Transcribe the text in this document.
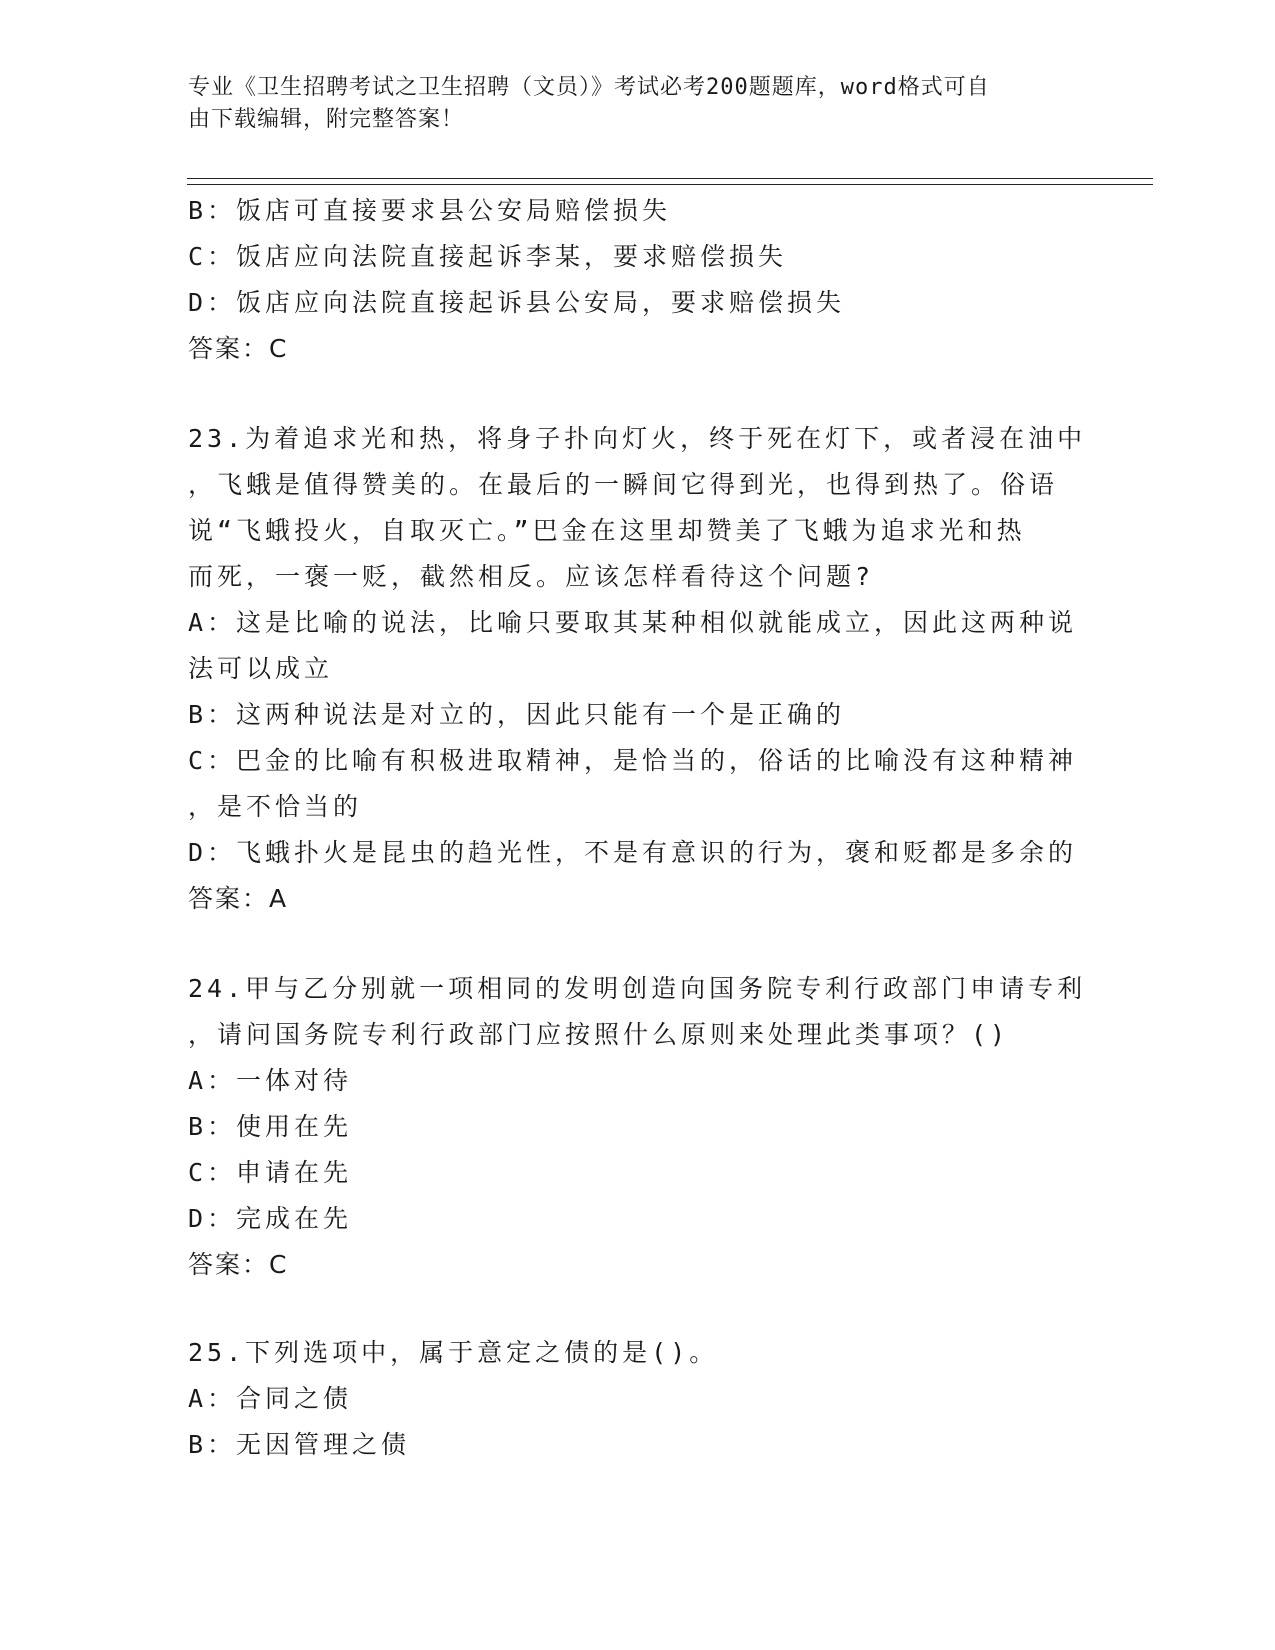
专业《卫生招聘考试之卫生招聘（文员）》考试必考200题题库，word格式可自
由下载编辑，附完整答案！
B：饭店可直接要求县公安局赔偿损失
C：饭店应向法院直接起诉李某，要求赔偿损失
D：饭店应向法院直接起诉县公安局，要求赔偿损失
答案：C
23.为着追求光和热，将身子扑向灯火，终于死在灯下，或者浸在油中
，飞蛾是值得赞美的。在最后的一瞬间它得到光，也得到热了。俗语
说“飞蛾投火，自取灭亡。”巴金在这里却赞美了飞蛾为追求光和热
而死，一褒一贬，截然相反。应该怎样看待这个问题?
A：这是比喻的说法，比喻只要取其某种相似就能成立，因此这两种说
法可以成立
B：这两种说法是对立的，因此只能有一个是正确的
C：巴金的比喻有积极进取精神，是恰当的，俗话的比喻没有这种精神
，是不恰当的
D：飞蛾扑火是昆虫的趋光性，不是有意识的行为，褒和贬都是多余的
答案：A
24.甲与乙分别就一项相同的发明创造向国务院专利行政部门申请专利
，请问国务院专利行政部门应按照什么原则来处理此类事项？()
A：一体对待
B：使用在先
C：申请在先
D：完成在先
答案：C
25.下列选项中，属于意定之债的是()。
A：合同之债
B：无因管理之债
